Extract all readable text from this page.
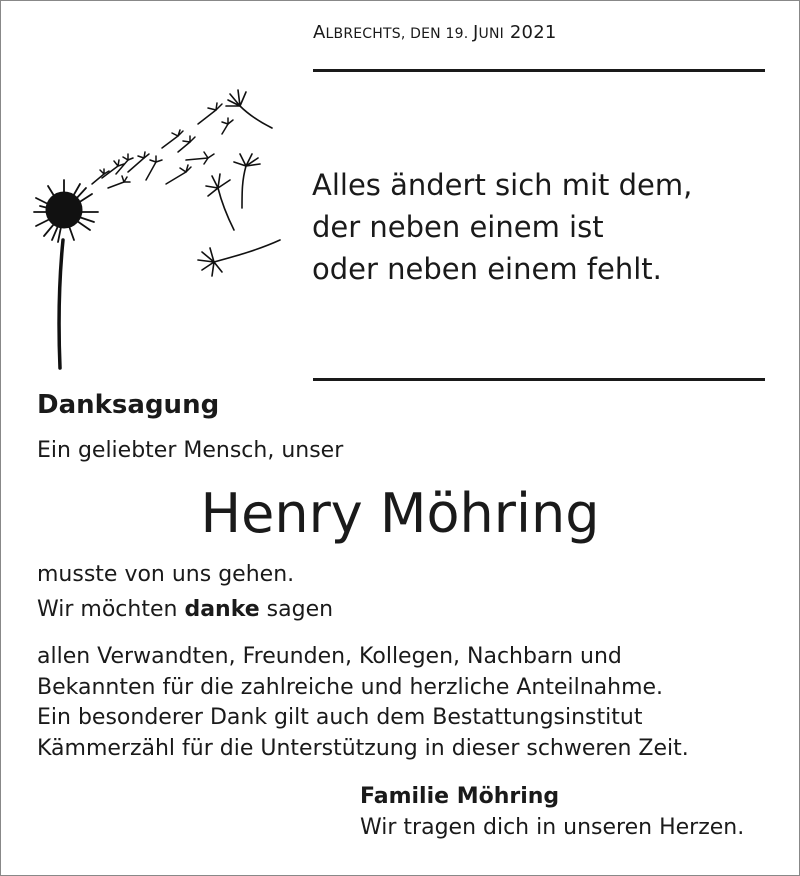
ALBRECHTS, DEN 19. JUNI 2021
Alles ändert sich mit dem,
der neben einem ist
oder neben einem fehlt.
Danksagung
Ein geliebter Mensch, unser
Henry Möhring
musste von uns gehen.
Wir möchten danke sagen
allen Verwandten, Freunden, Kollegen, Nachbarn und
Bekannten für die zahlreiche und herzliche Anteilnahme.
Ein besonderer Dank gilt auch dem Bestattungsinstitut
Kämmerzähl für die Unterstützung in dieser schweren Zeit.
Familie Möhring
Wir tragen dich in unseren Herzen.
